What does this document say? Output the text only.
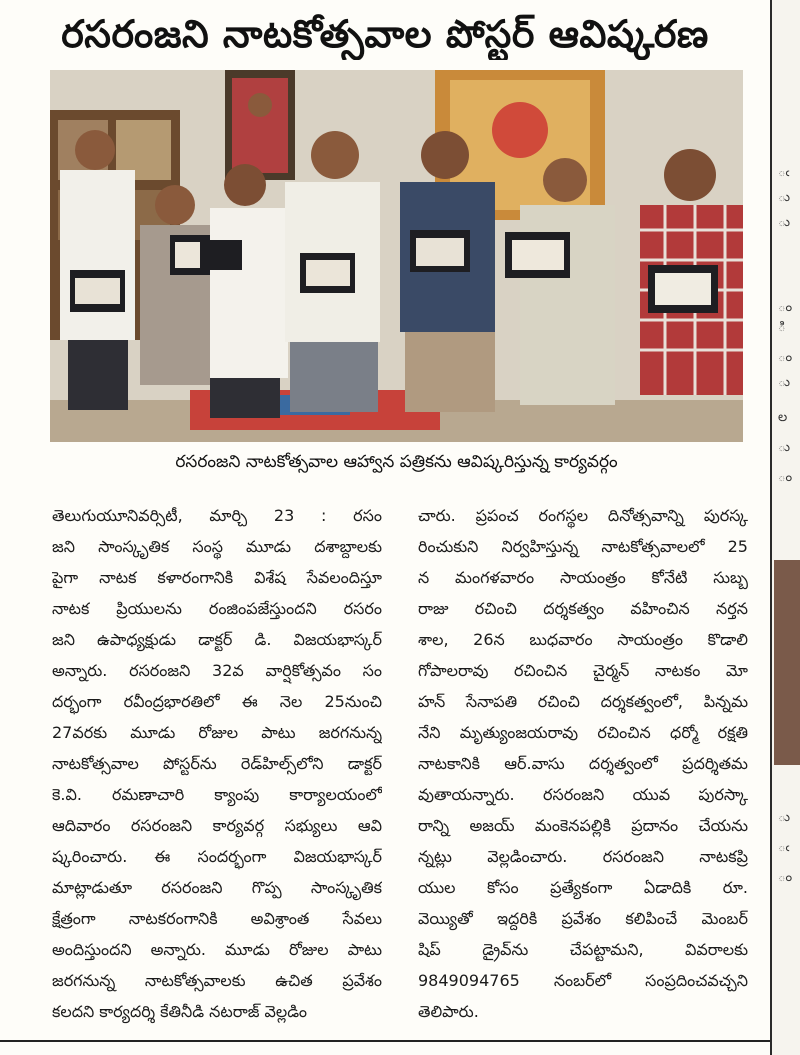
రసరంజని నాటకోత్సవాల పోస్టర్ ఆవిష్కరణ
రసరంజని నాటకోత్సవాల ఆహ్వాన పత్రికను ఆవిష్కరిస్తున్న కార్యవర్గం
తెలుగుయూనివర్సిటీ, మార్చి 23 : రసం
జని సాంస్కృతిక సంస్థ మూడు దశాబ్దాలకు
పైగా నాటక కళారంగానికి విశేష సేవలందిస్తూ
నాటక ప్రియులను రంజింపజేస్తుందని రసరం
జని ఉపాధ్యక్షుడు డాక్టర్ డి. విజయభాస్కర్
అన్నారు. రసరంజని 32వ వార్షికోత్సవం సం
దర్భంగా రవీంద్రభారతిలో ఈ నెల 25నుంచి
27వరకు మూడు రోజుల పాటు జరగనున్న
నాటకోత్సవాల పోస్టర్‌ను రెడ్‌హిల్స్‌లోని డాక్టర్
కె.వి. రమణాచారి క్యాంపు కార్యాలయంలో
ఆదివారం రసరంజని కార్యవర్గ సభ్యులు ఆవి
ష్కరించారు. ఈ సందర్భంగా విజయభాస్కర్
మాట్లాడుతూ రసరంజని గొప్ప సాంస్కృతిక
క్షేత్రంగా నాటకరంగానికి అవిశ్రాంత సేవలు
అందిస్తుందని అన్నారు. మూడు రోజుల పాటు
జరగనున్న నాటకోత్సవాలకు ఉచిత ప్రవేశం
కలదని కార్యదర్శి కేతినీడి నటరాజ్ వెల్లడిం
చారు. ప్రపంచ రంగస్థల దినోత్సవాన్ని పురస్క
రించుకుని నిర్వహిస్తున్న నాటకోత్సవాలలో 25
న మంగళవారం సాయంత్రం కోనేటి సుబ్బ
రాజు రచించి దర్శకత్వం వహించిన నర్తన
శాల, 26న బుధవారం సాయంత్రం కొడాలి
గోపాలరావు రచించిన చైర్మన్ నాటకం మో
హన్ సేనాపతి రచించి దర్శకత్వంలో, పిన్నమ
నేని మృత్యుంజయరావు రచించిన ధర్మో రక్షతి
నాటకానికి ఆర్.వాసు దర్శత్వంలో ప్రదర్శితమ
వుతాయన్నారు. రసరంజని యువ పురస్కా
రాన్ని అజయ్ మంకెనపల్లికి ప్రదానం చేయను
న్నట్లు వెల్లడించారు. రసరంజని నాటకప్రి
యుల కోసం ప్రత్యేకంగా ఏడాదికి రూ.
వెయ్యితో ఇద్దరికి ప్రవేశం కలిపించే మెంబర్
షిప్ డ్రైవ్‌ను చేపట్టామని, వివరాలకు
9849094765 నంబర్‌లో సంప్రదించవచ్చని
తెలిపారు.
ఁ
ు
ు
ం
ి
ం
ు
ల
ు
ం
ు
ఁ
ం
